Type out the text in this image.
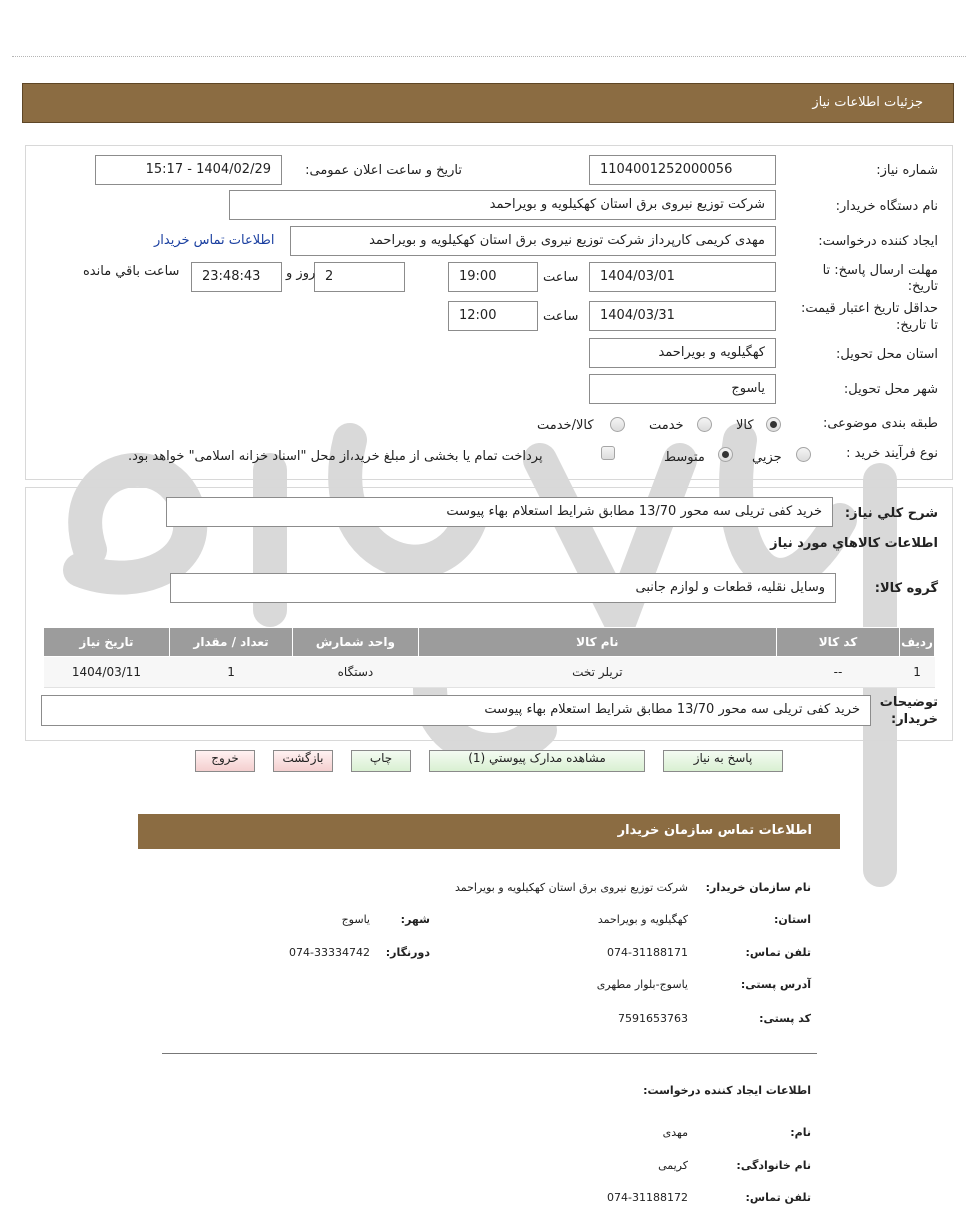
جزئیات اطلاعات نیاز
شماره نیاز:
1104001252000056
تاریخ و ساعت اعلان عمومی:
1404/02/29 - 15:17
نام دستگاه خریدار:
شرکت توزیع نیروی برق استان کهکیلویه و بویراحمد
ایجاد کننده درخواست:
مهدی کریمی کارپرداز شرکت توزیع نیروی برق استان کهکیلویه و بویراحمد
اطلاعات تماس خریدار
مهلت ارسال پاسخ: تا
تاریخ:
1404/03/01
ساعت
19:00
2
روز و
23:48:43
ساعت باقي مانده
حداقل تاریخ اعتبار قیمت:
تا تاریخ:
1404/03/31
ساعت
12:00
استان محل تحویل:
کهگیلویه و بویراحمد
شهر محل تحویل:
یاسوج
طبقه بندی موضوعی:
کالا
خدمت
کالا/خدمت
نوع فرآیند خرید :
جزيي
متوسط
پرداخت تمام یا بخشی از مبلغ خرید،از محل "اسناد خزانه اسلامی" خواهد بود.
شرح کلي نیاز:
خرید کفی تریلی سه محور 13/70 مطابق شرایط استعلام بهاء پیوست
اطلاعات کالاهاي مورد نیاز
گروه کالا:
وسایل نقلیه، قطعات و لوازم جانبی
ردیف	کد کالا	نام کالا	واحد شمارش	تعداد / مقدار	تاریخ نیاز
1	--	تریلر تخت	دستگاه	1	1404/03/11
توضیحات
خریدار:
خرید کفی تریلی سه محور 13/70 مطابق شرایط استعلام بهاء پیوست
پاسخ به نیاز
مشاهده مدارک پیوستي (1)
چاپ
بازگشت
خروج
اطلاعات تماس سازمان خریدار
نام سازمان خریدار:
شرکت توزیع نیروی برق استان کهکیلویه و بویراحمد
استان:
کهگیلویه و بویراحمد
شهر:
یاسوج
تلفن تماس:
074-31188171
دورنگار:
074-33334742
آدرس پستی:
یاسوج-بلوار مطهری
کد پستی:
7591653763
اطلاعات ایجاد کننده درخواست:
نام:
مهدی
نام خانوادگی:
کریمی
تلفن تماس:
074-31188172
